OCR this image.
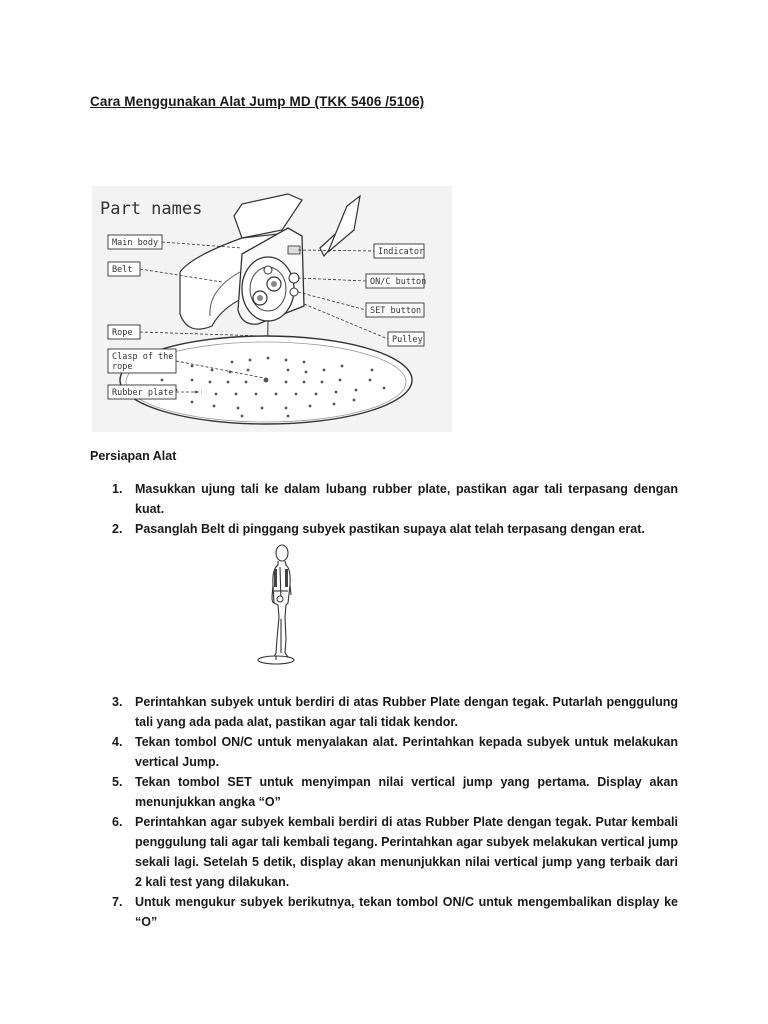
Cara Menggunakan Alat Jump MD (TKK 5406 /5106)
Part names
Main body
Belt
Rope
Clasp of the
rope
Rubber plate
Indicator
ON/C button
SET button
Pulley
Persiapan Alat
1. Masukkan ujung tali ke dalam lubang rubber plate, pastikan agar tali terpasang dengan kuat.
2. Pasanglah Belt di pinggang subyek pastikan supaya alat telah terpasang dengan erat.
3. Perintahkan subyek untuk berdiri di atas Rubber Plate dengan tegak. Putarlah penggulung tali yang ada pada alat, pastikan agar tali tidak kendor.
4. Tekan tombol ON/C untuk menyalakan alat. Perintahkan kepada subyek untuk melakukan vertical Jump.
5. Tekan tombol SET untuk menyimpan nilai vertical jump yang pertama. Display akan menunjukkan angka “O”
6. Perintahkan agar subyek kembali berdiri di atas Rubber Plate dengan tegak. Putar kembali penggulung tali agar tali kembali tegang. Perintahkan agar subyek melakukan vertical jump sekali lagi. Setelah 5 detik, display akan menunjukkan nilai vertical jump yang terbaik dari 2 kali test yang dilakukan.
7. Untuk mengukur subyek berikutnya, tekan tombol ON/C untuk mengembalikan display ke “O”
